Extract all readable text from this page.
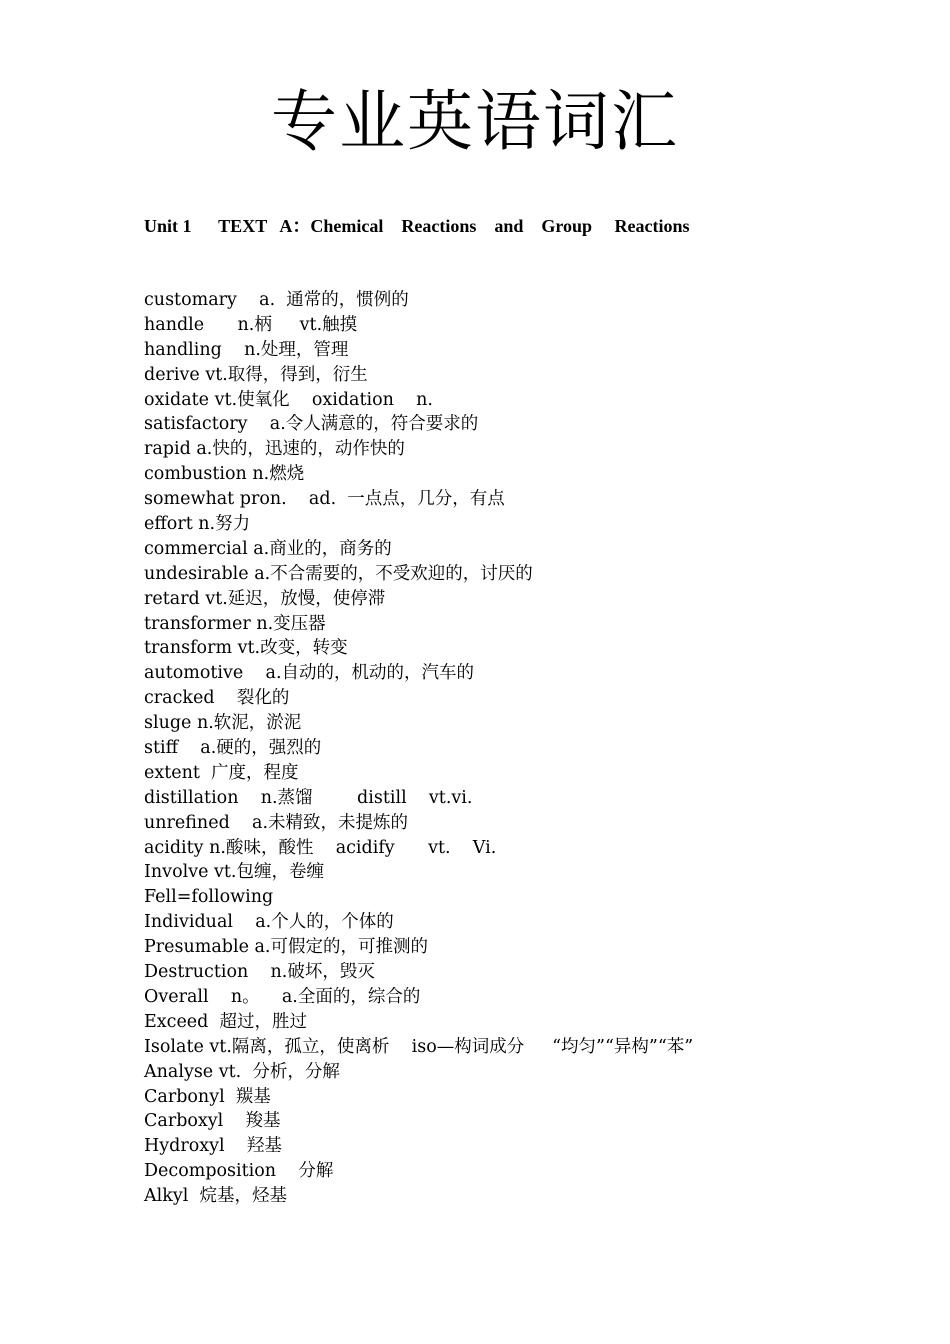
专业英语词汇
Unit 1      TEXT   A：Chemical    Reactions    and    Group     Reactions
customary    a.  通常的，惯例的
handle      n.柄     vt.触摸
handling    n.处理，管理
derive vt.取得，得到，衍生
oxidate vt.使氧化    oxidation    n.
satisfactory    a.令人满意的，符合要求的
rapid a.快的，迅速的，动作快的
combustion n.燃烧
somewhat pron.    ad.  一点点，几分，有点
effort n.努力
commercial a.商业的，商务的
undesirable a.不合需要的，不受欢迎的，讨厌的
retard vt.延迟，放慢，使停滞
transformer n.变压器
transform vt.改变，转变
automotive    a.自动的，机动的，汽车的
cracked    裂化的
sluge n.软泥，淤泥
stiff    a.硬的，强烈的
extent  广度，程度
distillation    n.蒸馏        distill    vt.vi.
unrefined    a.未精致，未提炼的
acidity n.酸味，酸性    acidify      vt.    Vi.
Involve vt.包缠，卷缠
Fell=following
Individual    a.个人的，个体的
Presumable a.可假定的，可推测的
Destruction    n.破坏，毁灭
Overall    n。    a.全面的，综合的
Exceed  超过，胜过
Isolate vt.隔离，孤立，使离析    iso—构词成分     “均匀”“异构”“苯”
Analyse vt.  分析，分解
Carbonyl  羰基
Carboxyl    羧基
Hydroxyl    羟基
Decomposition    分解
Alkyl  烷基，烃基
